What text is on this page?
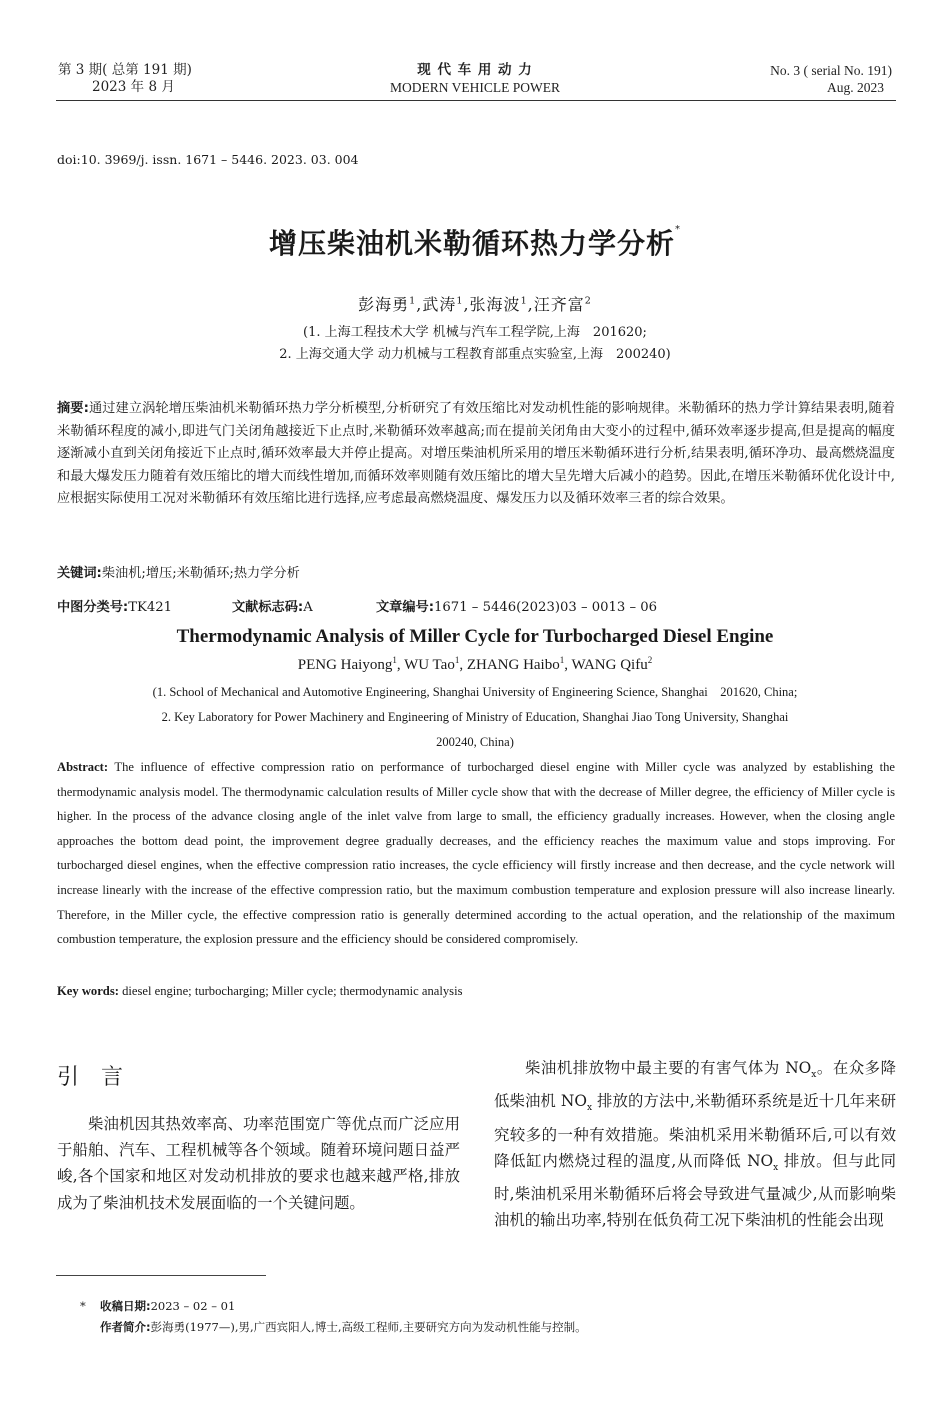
第 3 期( 总第 191 期)
2023 年 8 月
现 代 车 用 动 力
MODERN VEHICLE POWER
No. 3 ( serial No. 191)
Aug. 2023
doi:10. 3969/j. issn. 1671 – 5446. 2023. 03. 004
增压柴油机米勒循环热力学分析*
彭海勇$^1$,武涛$^1$,张海波$^1$,汪齐富$^2$
(1. 上海工程技术大学 机械与汽车工程学院,上海　201620;
2. 上海交通大学 动力机械与工程教育部重点实验室,上海　200240)
摘要:通过建立涡轮增压柴油机米勒循环热力学分析模型,分析研究了有效压缩比对发动机性能的影响规律。米勒循环的热力学计算结果表明,随着米勒循环程度的减小,即进气门关闭角越接近下止点时,米勒循环效率越高;而在提前关闭角由大变小的过程中,循环效率逐步提高,但是提高的幅度逐渐减小直到关闭角接近下止点时,循环效率最大并停止提高。对增压柴油机所采用的增压米勒循环进行分析,结果表明,循环净功、最高燃烧温度和最大爆发压力随着有效压缩比的增大而线性增加,而循环效率则随有效压缩比的增大呈先增大后减小的趋势。因此,在增压米勒循环优化设计中,应根据实际使用工况对米勒循环有效压缩比进行选择,应考虑最高燃烧温度、爆发压力以及循环效率三者的综合效果。
关键词:柴油机;增压;米勒循环;热力学分析
中图分类号:TK421	文献标志码:A	文章编号:1671 – 5446(2023)03 – 0013 – 06
Thermodynamic Analysis of Miller Cycle for Turbocharged Diesel Engine
PENG Haiyong$^1$, WU Tao$^1$, ZHANG Haibo$^1$, WANG Qifu$^2$
(1. School of Mechanical and Automotive Engineering, Shanghai University of Engineering Science, Shanghai　201620, China;
2. Key Laboratory for Power Machinery and Engineering of Ministry of Education, Shanghai Jiao Tong University, Shanghai
200240, China)
Abstract: The influence of effective compression ratio on performance of turbocharged diesel engine with Miller cycle was analyzed by establishing the thermodynamic analysis model. The thermodynamic calculation results of Miller cycle show that with the decrease of Miller degree, the efficiency of Miller cycle is higher. In the process of the advance closing angle of the inlet valve from large to small, the efficiency gradually increases. However, when the closing angle approaches the bottom dead point, the improvement degree gradually decreases, and the efficiency reaches the maximum value and stops improving. For turbocharged diesel engines, when the effective compression ratio increases, the cycle efficiency will firstly increase and then decrease, and the cycle network will increase linearly with the increase of the effective compression ratio, but the maximum combustion temperature and explosion pressure will also increase linearly. Therefore, in the Miller cycle, the effective compression ratio is generally determined according to the actual operation, and the relationship of the maximum combustion temperature, the explosion pressure and the efficiency should be considered compromisely.
Key words: diesel engine; turbocharging; Miller cycle; thermodynamic analysis
引言
柴油机因其热效率高、功率范围宽广等优点而广泛应用于船舶、汽车、工程机械等各个领域。随着环境问题日益严峻,各个国家和地区对发动机排放的要求也越来越严格,排放成为了柴油机技术发展面临的一个关键问题。
柴油机排放物中最主要的有害气体为 $NO_x$。在众多降低柴油机 $NO_x$ 排放的方法中,米勒循环系统是近十几年来研究较多的一种有效措施。柴油机采用米勒循环后,可以有效降低缸内燃烧过程的温度,从而降低 $NO_x$ 排放。但与此同时,柴油机采用米勒循环后将会导致进气量减少,从而影响柴油机的输出功率,特别在低负荷工况下柴油机的性能会出现
* 收稿日期:2023 – 02 – 01
作者简介:彭海勇(1977—),男,广西宾阳人,博士,高级工程师,主要研究方向为发动机性能与控制。
